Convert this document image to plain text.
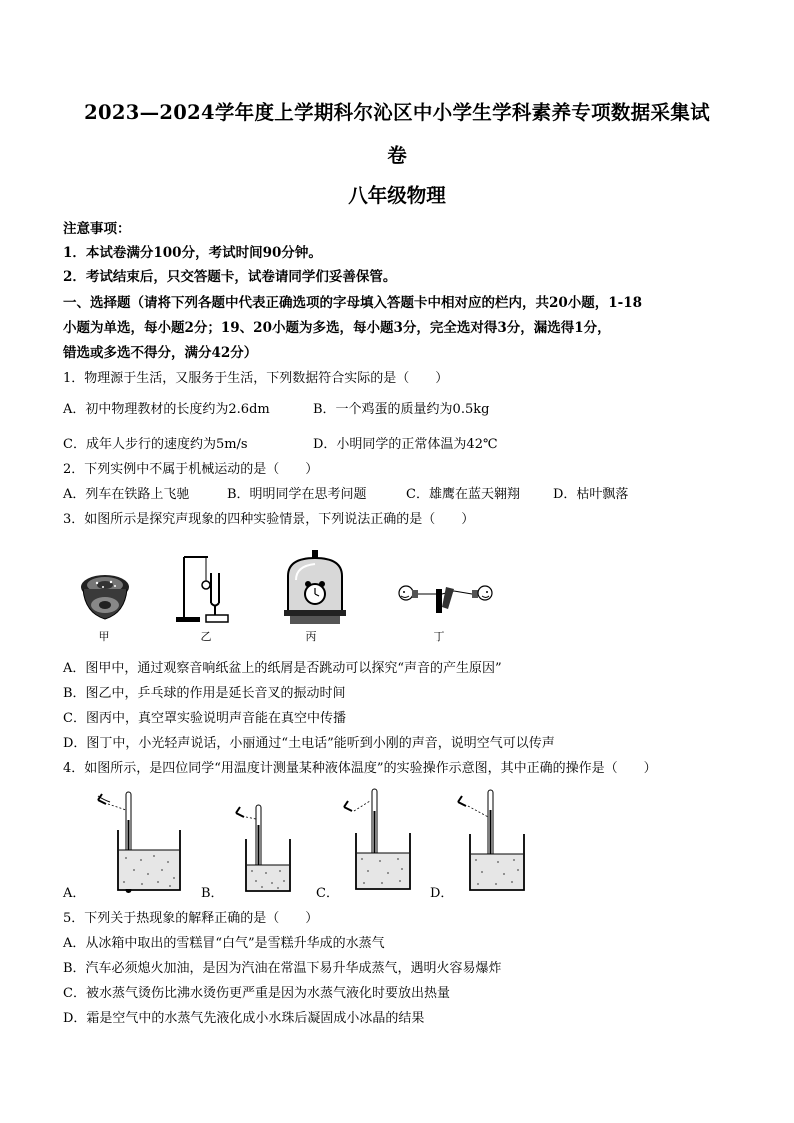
2023—2024学年度上学期科尔沁区中小学生学科素养专项数据采集试
卷
八年级物理
注意事项：
1．本试卷满分100分，考试时间90分钟。
2．考试结束后，只交答题卡，试卷请同学们妥善保管。
一、选择题（请将下列各题中代表正确选项的字母填入答题卡中相对应的栏内，共20小题，1-18
小题为单选，每小题2分；19、20小题为多选，每小题3分，完全选对得3分，漏选得1分，
错选或多选不得分，满分42分）
1．物理源于生活，又服务于生活，下列数据符合实际的是（　　）
A．初中物理教材的长度约为2.6dm	B．一个鸡蛋的质量约为0.5kg
C．成年人步行的速度约为5m/s	D．小明同学的正常体温为42℃
2．下列实例中不属于机械运动的是（　　）
A．列车在铁路上飞驰	B．明明同学在思考问题	C．雄鹰在蓝天翱翔	D．枯叶飘落
3．如图所示是探究声现象的四种实验情景，下列说法正确的是（　　）
甲	乙	丙	丁
A．图甲中，通过观察音响纸盆上的纸屑是否跳动可以探究“声音的产生原因”
B．图乙中，乒乓球的作用是延长音叉的振动时间
C．图丙中，真空罩实验说明声音能在真空中传播
D．图丁中，小光轻声说话，小丽通过“土电话”能听到小刚的声音，说明空气可以传声
4．如图所示，是四位同学“用温度计测量某种液体温度”的实验操作示意图，其中正确的操作是（　　）
A．	B．	C．	D．
5．下列关于热现象的解释正确的是（　　）
A．从冰箱中取出的雪糕冒“白气”是雪糕升华成的水蒸气
B．汽车必须熄火加油，是因为汽油在常温下易升华成蒸气，遇明火容易爆炸
C．被水蒸气烫伤比沸水烫伤更严重是因为水蒸气液化时要放出热量
D．霜是空气中的水蒸气先液化成小水珠后凝固成小冰晶的结果
